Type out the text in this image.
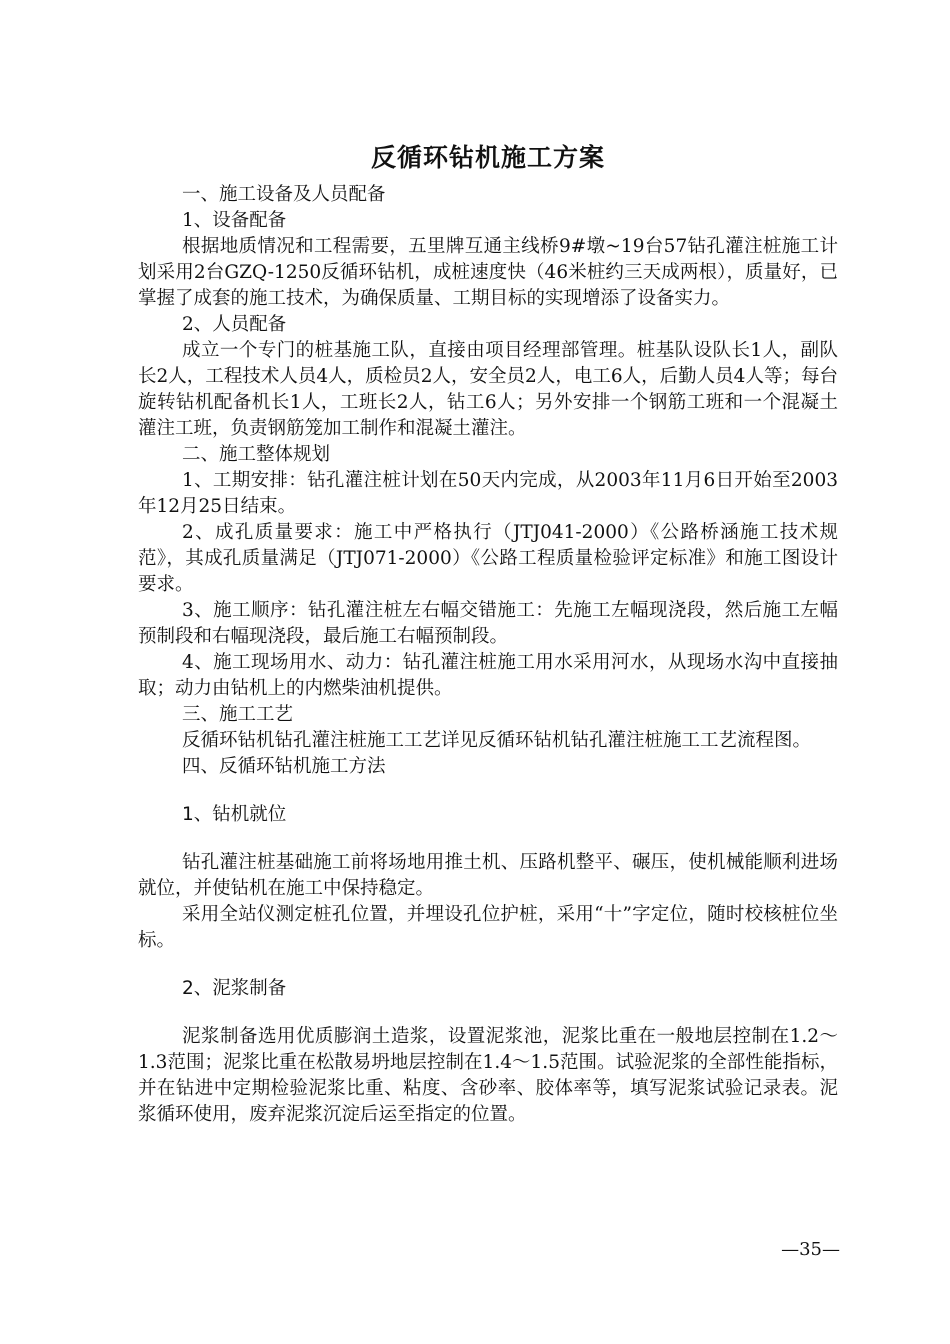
反循环钻机施工方案

一、施工设备及人员配备

1、设备配备

根据地质情况和工程需要，五里牌互通主线桥9#墩~19台57钻孔灌注桩施工计划采用2台GZQ-1250反循环钻机，成桩速度快（46米桩约三天成两根），质量好，已掌握了成套的施工技术，为确保质量、工期目标的实现增添了设备实力。

2、人员配备

成立一个专门的桩基施工队，直接由项目经理部管理。桩基队设队长1人，副队长2人，工程技术人员4人，质检员2人，安全员2人，电工6人，后勤人员4人等；每台旋转钻机配备机长1人，工班长2人，钻工6人；另外安排一个钢筋工班和一个混凝土灌注工班，负责钢筋笼加工制作和混凝土灌注。

二、施工整体规划

1、工期安排：钻孔灌注桩计划在50天内完成，从2003年11月6日开始至2003年12月25日结束。

2、成孔质量要求：施工中严格执行（JTJ041-2000）《公路桥涵施工技术规范》，其成孔质量满足（JTJ071-2000）《公路工程质量检验评定标准》和施工图设计要求。

3、施工顺序：钻孔灌注桩左右幅交错施工：先施工左幅现浇段，然后施工左幅预制段和右幅现浇段，最后施工右幅预制段。

4、施工现场用水、动力：钻孔灌注桩施工用水采用河水，从现场水沟中直接抽取；动力由钻机上的内燃柴油机提供。

三、施工工艺

反循环钻机钻孔灌注桩施工工艺详见反循环钻机钻孔灌注桩施工工艺流程图。

四、反循环钻机施工方法

1、钻机就位

钻孔灌注桩基础施工前将场地用推土机、压路机整平、碾压，使机械能顺利进场就位，并使钻机在施工中保持稳定。

采用全站仪测定桩孔位置，并埋设孔位护桩，采用“十”字定位，随时校核桩位坐标。

2、泥浆制备

泥浆制备选用优质膨润土造浆，设置泥浆池，泥浆比重在一般地层控制在1.2～1.3范围；泥浆比重在松散易坍地层控制在1.4～1.5范围。试验泥浆的全部性能指标，并在钻进中定期检验泥浆比重、粘度、含砂率、胶体率等，填写泥浆试验记录表。泥浆循环使用，废弃泥浆沉淀后运至指定的位置。

—35—
